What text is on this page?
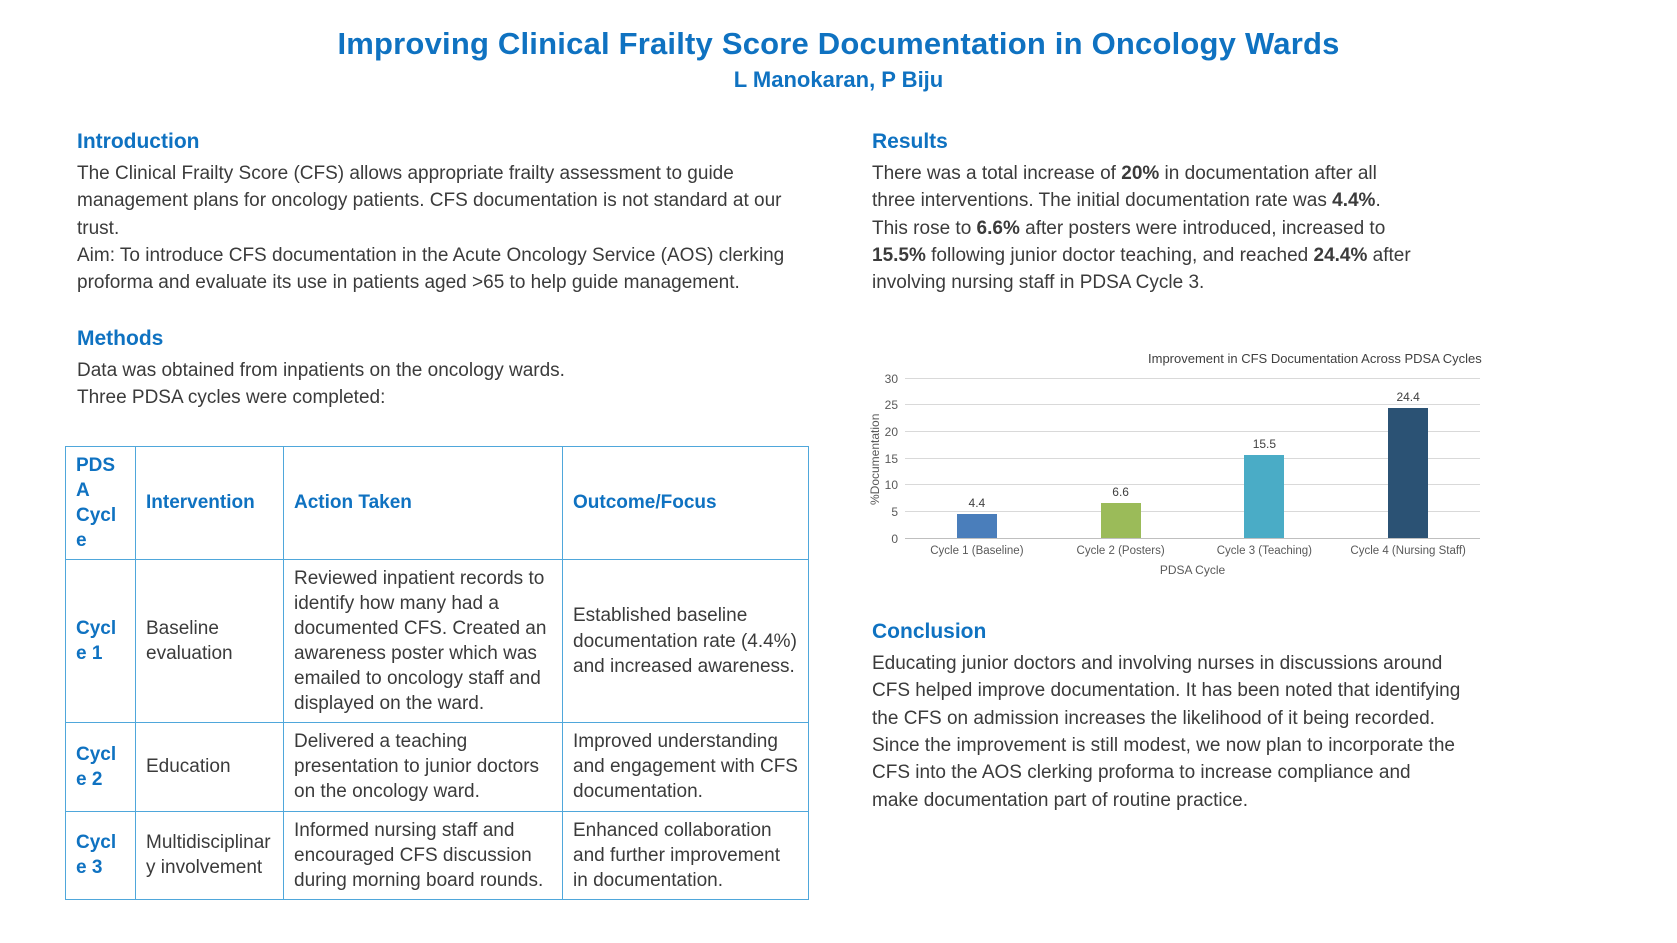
Improving Clinical Frailty Score Documentation in Oncology Wards
L Manokaran, P Biju
Introduction
The Clinical Frailty Score (CFS) allows appropriate frailty assessment to guide management plans for oncology patients. CFS documentation is not standard at our trust.
Aim: To introduce CFS documentation in the Acute Oncology Service (AOS) clerking proforma and evaluate its use in patients aged >65 to help guide management.
Methods
Data was obtained from inpatients on the oncology wards.
Three PDSA cycles were completed:
PDSA Cycle	Intervention	Action Taken	Outcome/Focus
Cycle 1	Baseline evaluation	Reviewed inpatient records to identify how many had a documented CFS. Created an awareness poster which was emailed to oncology staff and displayed on the ward.	Established baseline documentation rate (4.4%) and increased awareness.
Cycle 2	Education	Delivered a teaching presentation to junior doctors on the oncology ward.	Improved understanding and engagement with CFS documentation.
Cycle 3	Multidisciplinary involvement	Informed nursing staff and encouraged CFS discussion during morning board rounds.	Enhanced collaboration and further improvement in documentation.
Results
There was a total increase of 20% in documentation after all three interventions. The initial documentation rate was 4.4%. This rose to 6.6% after posters were introduced, increased to 15.5% following junior doctor teaching, and reached 24.4% after involving nursing staff in PDSA Cycle 3.
Improvement in CFS Documentation Across PDSA Cycles
%Documentation
0
5
10
15
20
25
30
4.4
6.6
15.5
24.4
Cycle 1 (Baseline)	Cycle 2 (Posters)	Cycle 3 (Teaching)	Cycle 4 (Nursing Staff)
PDSA Cycle
Conclusion
Educating junior doctors and involving nurses in discussions around CFS helped improve documentation. It has been noted that identifying the CFS on admission increases the likelihood of it being recorded. Since the improvement is still modest, we now plan to incorporate the CFS into the AOS clerking proforma to increase compliance and make documentation part of routine practice.
